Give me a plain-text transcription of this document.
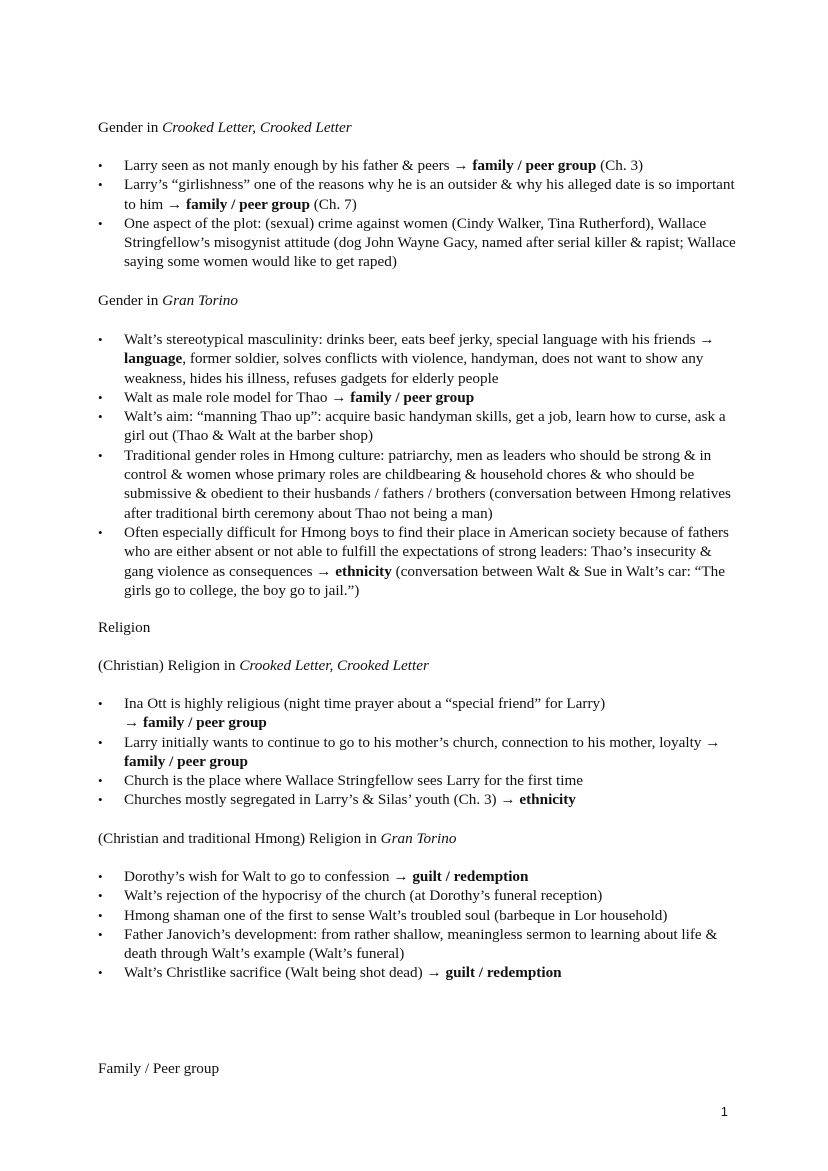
Gender in Crooked Letter, Crooked Letter

• Larry seen as not manly enough by his father & peers → family / peer group (Ch. 3)
• Larry’s “girlishness” one of the reasons why he is an outsider & why his alleged date is so important to him → family / peer group (Ch. 7)
• One aspect of the plot: (sexual) crime against women (Cindy Walker, Tina Rutherford), Wallace Stringfellow’s misogynist attitude (dog John Wayne Gacy, named after serial killer & rapist; Wallace saying some women would like to get raped)

Gender in Gran Torino

• Walt’s stereotypical masculinity: drinks beer, eats beef jerky, special language with his friends → language, former soldier, solves conflicts with violence, handyman, does not want to show any weakness, hides his illness, refuses gadgets for elderly people
• Walt as male role model for Thao → family / peer group
• Walt’s aim: “manning Thao up”: acquire basic handyman skills, get a job, learn how to curse, ask a girl out (Thao & Walt at the barber shop)
• Traditional gender roles in Hmong culture: patriarchy, men as leaders who should be strong & in control & women whose primary roles are childbearing & household chores & who should be submissive & obedient to their husbands / fathers / brothers (conversation between Hmong relatives after traditional birth ceremony about Thao not being a man)
• Often especially difficult for Hmong boys to find their place in American society because of fathers who are either absent or not able to fulfill the expectations of strong leaders: Thao’s insecurity & gang violence as consequences → ethnicity (conversation between Walt & Sue in Walt’s car: “The girls go to college, the boy go to jail.”)

Religion

(Christian) Religion in Crooked Letter, Crooked Letter

• Ina Ott is highly religious (night time prayer about a “special friend” for Larry)
→ family / peer group
• Larry initially wants to continue to go to his mother’s church, connection to his mother, loyalty → family / peer group
• Church is the place where Wallace Stringfellow sees Larry for the first time
• Churches mostly segregated in Larry’s & Silas’ youth (Ch. 3) → ethnicity

(Christian and traditional Hmong) Religion in Gran Torino

• Dorothy’s wish for Walt to go to confession → guilt / redemption
• Walt’s rejection of the hypocrisy of the church (at Dorothy’s funeral reception)
• Hmong shaman one of the first to sense Walt’s troubled soul (barbeque in Lor household)
• Father Janovich’s development: from rather shallow, meaningless sermon to learning about life & death through Walt’s example (Walt’s funeral)
• Walt’s Christlike sacrifice (Walt being shot dead) → guilt / redemption

Family / Peer group

1
